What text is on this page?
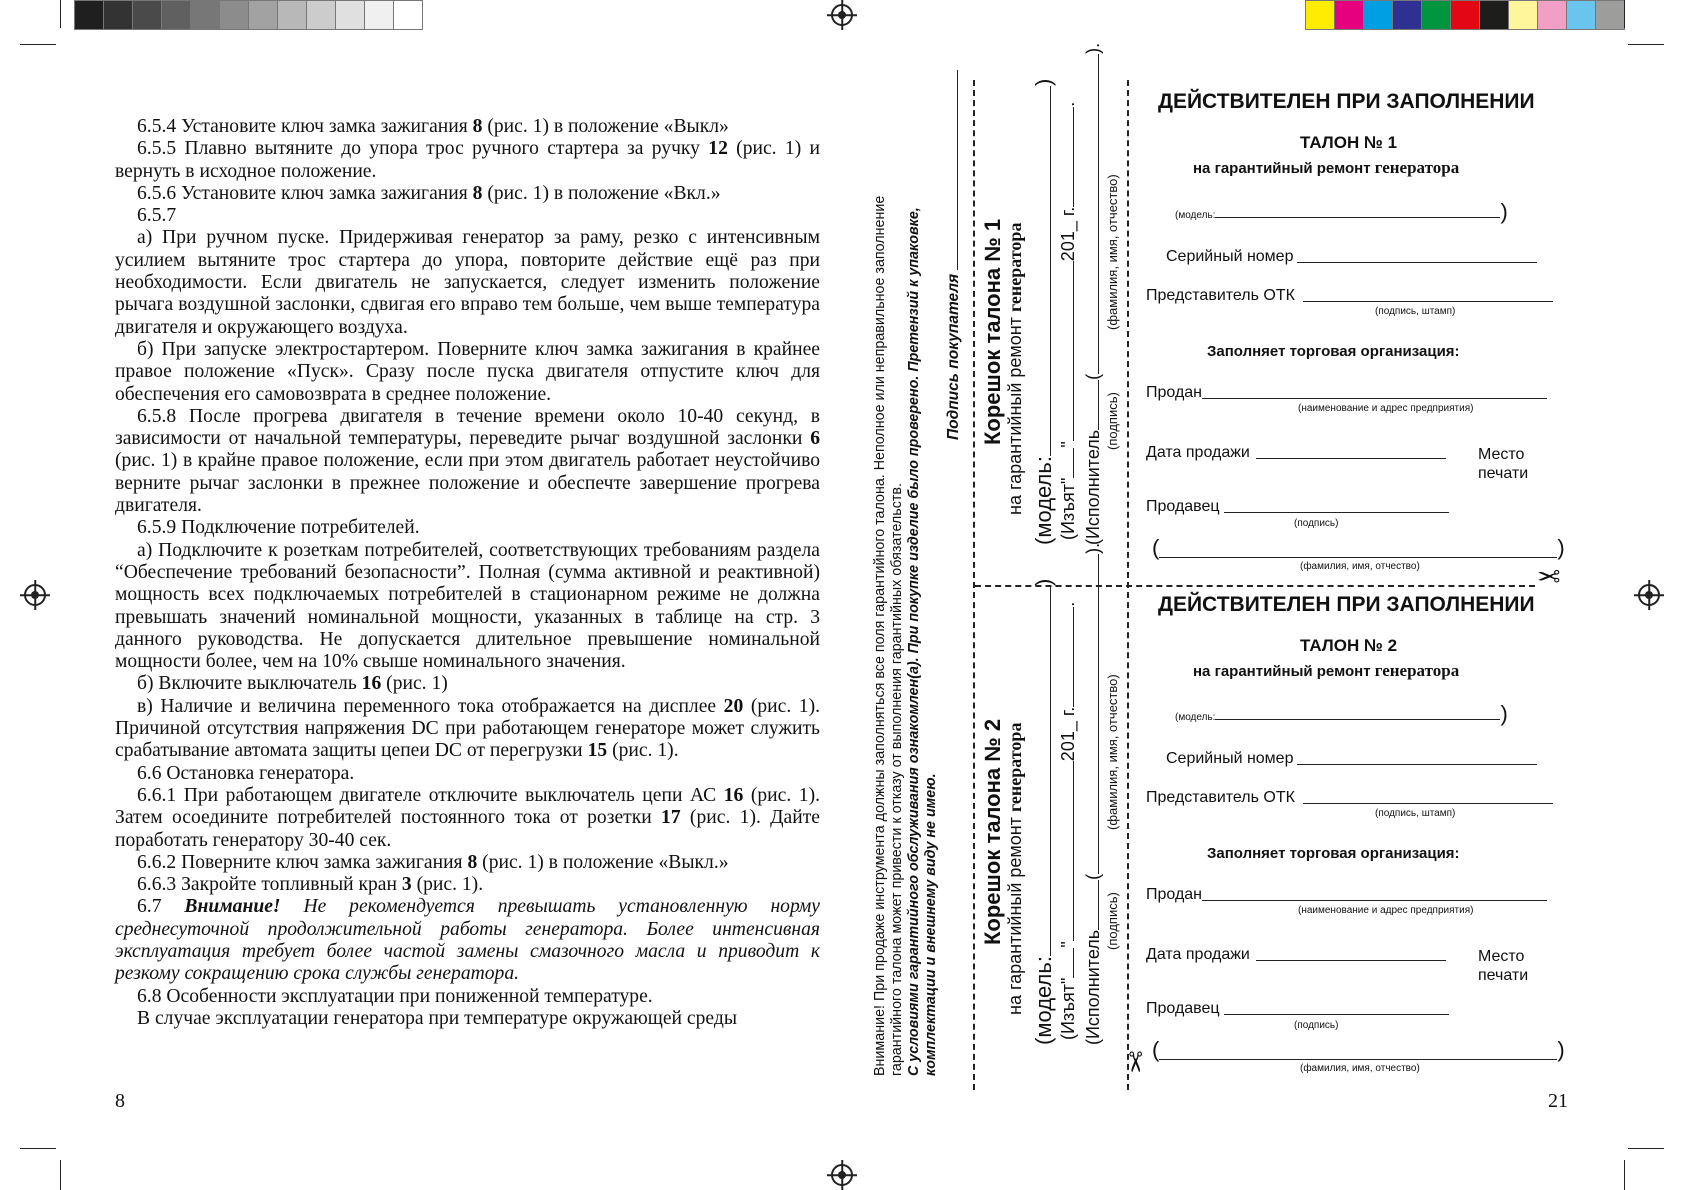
6.5.4 Установите ключ замка зажигания 8 (рис. 1) в положение «Выкл»

6.5.5 Плавно вытяните до упора трос ручного стартера за ручку 12 (рис. 1) и вернуть в исходное положение.

6.5.6 Установите ключ замка зажигания 8 (рис. 1) в положение «Вкл.»

6.5.7

а) При ручном пуске. Придерживая генератор за раму, резко с интенсивным усилием вытяните трос стартера до упора, повторите действие ещё раз при необходимости. Если двигатель не запускается, следует изменить положение рычага воздушной заслонки, сдвигая его вправо тем больше, чем выше температура двигателя и окружающего воздуха.

б) При запуске электростартером. Поверните ключ замка зажигания в крайнее правое положение «Пуск». Сразу после пуска двигателя отпустите ключ для обеспечения его самовозврата в среднее положение.

6.5.8 После прогрева двигателя в течение времени около 10-40 секунд, в зависимости от начальной температуры, переведите рычаг воздушной заслонки 6 (рис. 1) в крайне правое положение, если при этом двигатель работает неустойчиво верните рычаг заслонки в прежнее положение и обеспечте завершение прогрева двигателя.

6.5.9 Подключение потребителей.

а) Подключите к розеткам потребителей, соответствующих требованиям раздела “Обеспечение требований безопасности”. Полная (сумма активной и реактивной) мощность всех подключаемых потребителей в стационарном режиме не должна превышать значений номинальной мощности, указанных в таблице на стр. 3 данного руководства. Не допускается длительное превышение номинальной мощности более, чем на 10% свыше номинального значения.

б) Включите выключатель 16 (рис. 1)

в) Наличие и величина переменного тока отображается на дисплее 20 (рис. 1). Причиной отсутствия напряжения DC при работающем генераторе может служить срабатывание автомата защиты цепеи DC от перегрузки 15 (рис. 1).

6.6 Остановка генератора.

6.6.1 При работающем двигателе отключите выключатель цепи АС 16 (рис. 1). Затем осоедините потребителей постоянного тока от розетки 17 (рис. 1). Дайте поработать генератору 30-40 сек.

6.6.2 Поверните ключ замка зажигания 8 (рис. 1) в положение «Выкл.»

6.6.3 Закройте топливный кран 3 (рис. 1).

6.7 Внимание! Не рекомендуется превышать установленную норму среднесуточной продолжительной работы генератора. Более интенсивная эксплуатация требует более частой замены смазочного масла и приводит к резкому сокращению срока службы генератора.

6.8 Особенности эксплуатации при пониженной температуре.

В случае эксплуатации генератора при температуре окружающей среды

8
Внимание! При продаже инструмента должны заполняться все поля гарантийного талона. Неполное или неправильное заполнение гарантийного талона может привести к отказу от выполнения гарантийных обязательств. С условиями гарантийного обслуживания ознакомлен(а). При покупке изделие было проверено. Претензий к упаковке, комплектации и внешнему виду не имею.
Подпись покупателя Корешок талона № 1 на гарантийный ремонт генератора
(модель:)
(Изъят""201_ г..
(Исполнитель().
(подпись)
(фамилия, имя, отчество)
Корешок талона № 2 на гарантийный ремонт генератора
(модель:)
(Изъят""201_ г..
(Исполнитель().
(подпись)
(фамилия, имя, отчество)
ДЕЙСТВИТЕЛЕН ПРИ ЗАПОЛНЕНИИ
ТАЛОН № 1
на гарантийный ремонт генератора
(модель:	)
Серийный номер
Представитель ОТК
(подпись, штамп)
Заполняет торговая организация:
Продан
(наименование и адрес предприятия)
Дата продажи	Место
печати
Продавец
(подпись)
(	)
(фамилия, имя, отчество)	✂
ДЕЙСТВИТЕЛЕН ПРИ ЗАПОЛНЕНИИ
ТАЛОН № 2
на гарантийный ремонт генератора
(модель:	)
Серийный номер
Представитель ОТК
(подпись, штамп)
Заполняет торговая организация:
Продан
(наименование и адрес предприятия)
Дата продажи	Место
печати
Продавец
(подпись)
(	)
(фамилия, имя, отчество)
✂
21
